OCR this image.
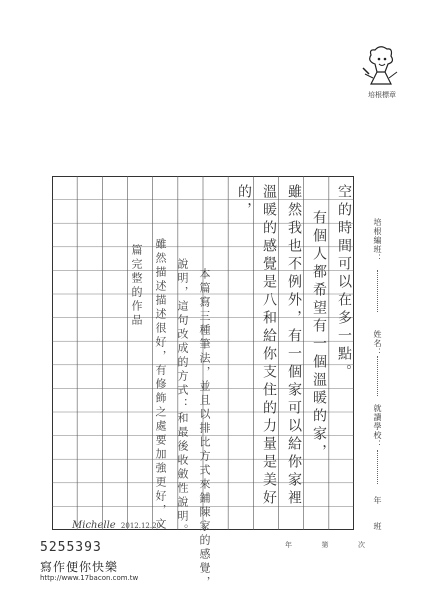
培根標章
空的時間可以在多一點。
有個人都希望有一個溫暖的家，
雖然我也不例外，有一個家可以給你家裡
溫暖的感覺是八和給你支住的力量是美好
的，
本篇寫三種筆法，並且以排比方式來鋪陳家的感覺，
說明，這句改成的方式：和最後收斂性說明。
雖然描述描述很好，有修飾之處要加強更好，文
篇完整的作品
Michelle 2012.12.20
培根編班：
姓名：
就讀學校：
年
班
5255393
寫作便你快樂
http://www.17bacon.com.tw
年	第	次
